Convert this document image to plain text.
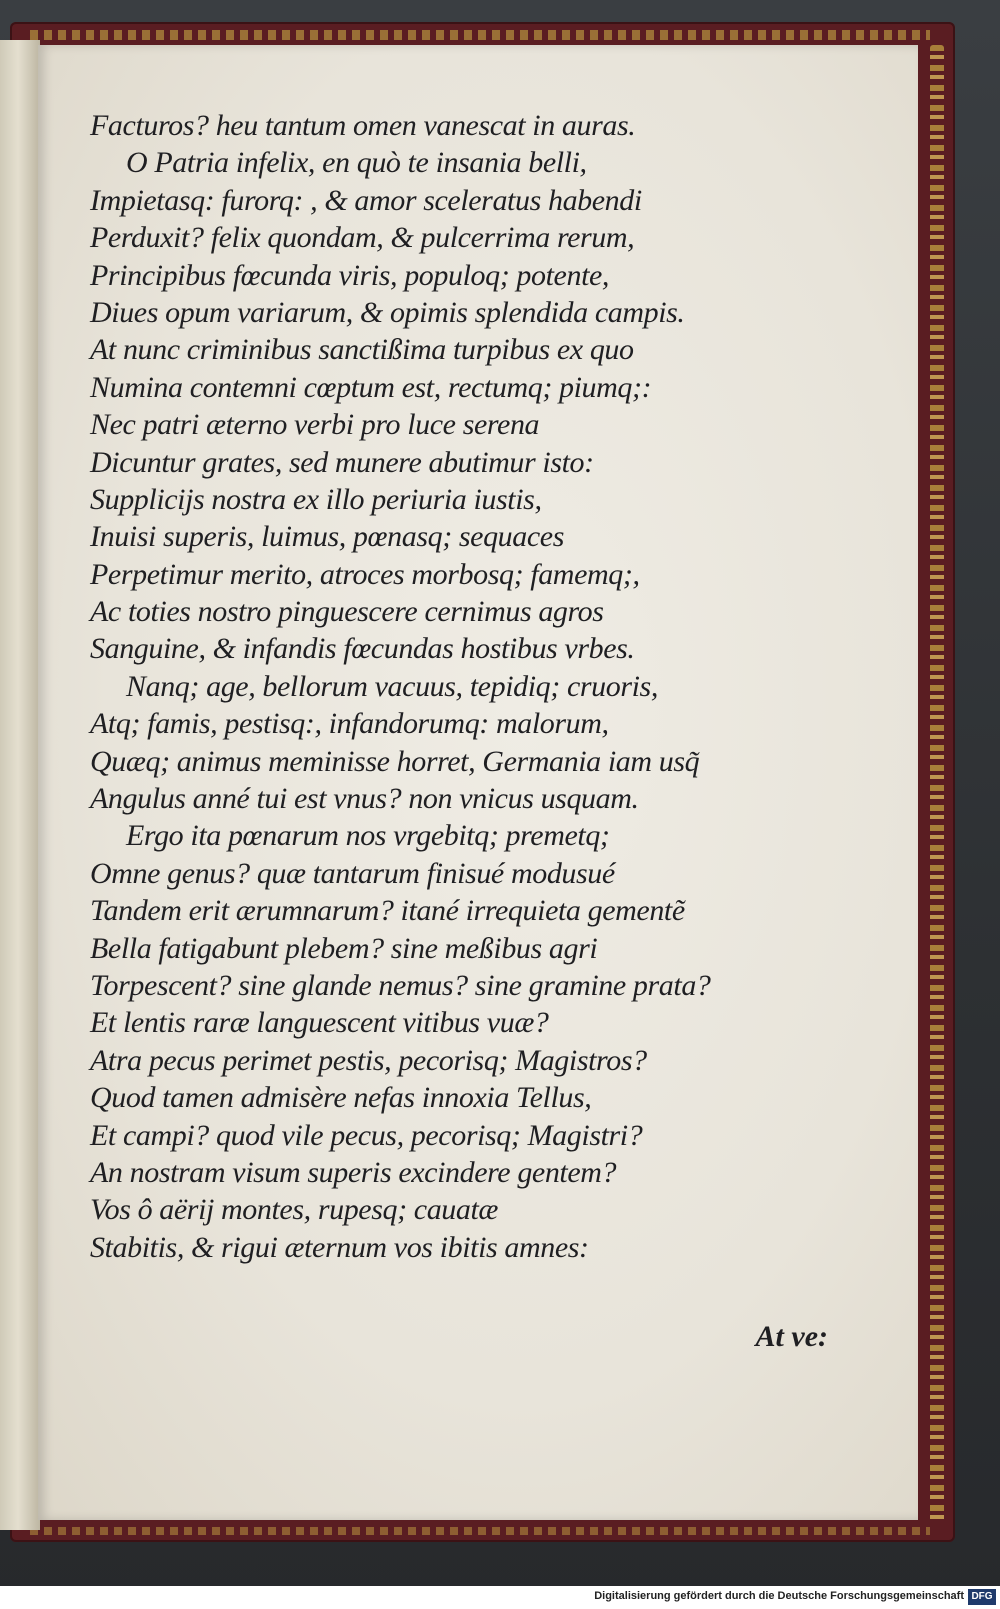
Facturos? heu tantum omen vanescat in auras.
O Patria infelix, en quò te insania belli,
Impietasq: furorq: , & amor sceleratus habendi
Perduxit? felix quondam, & pulcerrima rerum,
Principibus fœcunda viris, populoq; potente,
Diues opum variarum, & opimis splendida campis.
At nunc criminibus sanctißima turpibus ex quo
Numina contemni cœptum est, rectumq; piumq;:
Nec patri æterno verbi pro luce serena
Dicuntur grates, sed munere abutimur isto:
Supplicijs nostra ex illo periuria iustis,
Inuisi superis, luimus, pœnasq; sequaces
Perpetimur merito, atroces morbosq; famemq;,
Ac toties nostro pinguescere cernimus agros
Sanguine, & infandis fœcundas hostibus vrbes.
Nanq; age, bellorum vacuus, tepidiq; cruoris,
Atq; famis, pestisq:, infandorumq: malorum,
Quæq; animus meminisse horret, Germania iam usq̃
Angulus anné tui est vnus? non vnicus usquam.
Ergo ita pœnarum nos vrgebitq; premetq;
Omne genus? quæ tantarum finisué modusué
Tandem erit ærumnarum? itané irrequieta gementẽ
Bella fatigabunt plebem? sine meßibus agri
Torpescent? sine glande nemus? sine gramine prata?
Et lentis raræ languescent vitibus vuæ?
Atra pecus perimet pestis, pecorisq; Magistros?
Quod tamen admisère nefas innoxia Tellus,
Et campi? quod vile pecus, pecorisq; Magistri?
An nostram visum superis excindere gentem?
Vos ô aërij montes, rupesq; cauatæ
Stabitis, & rigui æternum vos ibitis amnes:
At ve:
Digitalisierung gefördert durch die Deutsche Forschungsgemeinschaft DFG
